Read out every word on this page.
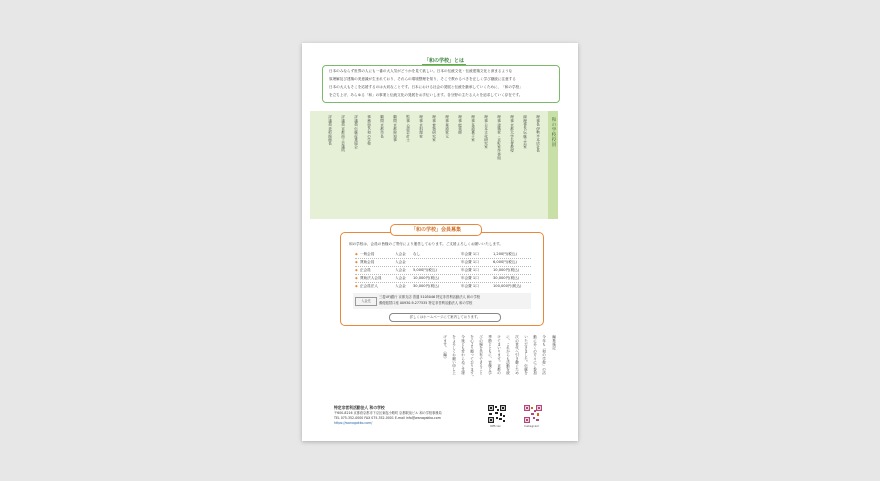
「和の学校」とは
日本のみならず世界の人にも一番の大人気がどうかを見て欲しい。日本の伝統文化・伝統建築文化と深まるような
原理解及び建築の美意識が生まれており、それらの環境整理を知り、そこで教わるべきを正しく学び継続に注意する
日本の大人もそこを応援するのは大切なことです。日本における社会の発展と伝統を継承していくために、「和の学校」
を立ち上げ、あらゆる「和」の事業と伝統文化の発展をお手伝いします。各分野の主たる人々を追求していく存在です。
和の学校役員
理事長 伊勢半本店社長
副理事長 伝統工芸家
理事 京都大学名誉教授
理事 建築家・京町家作事組
理事 日本文化研究家
理事 茶道裏千家
理事 能楽師
理事 華道家元
理事 着物研究家
理事 京料理家
監事 公認会計士
顧問 京都府知事
顧問 京都市長
事務局長 和の学校
評議員 伝統産業協会
評議員 京都商工会議所
評議員 美術館館長
和の学校は、会員の皆様のご寄付により運営しております。ご支援よろしくお願いいたします。
◆ 一般会員	入会金 なし	年会費 1口	1,200円(税込)
◆ 賛助会員	入会金	年会費 1口	6,000円(税込)
◆ 正会員	入会金 5,000円(税込)	年会費 1口	10,000円(税込)
◆ 賛助法人会員	入会金 10,000円(税込)	年会費 1口	30,000円(税込)
◆ 正会員法人	入会金 30,000円(税込)	年会費 1口	100,000円(税込)
入金先
三菱UFJ銀行 京都支店 普通 5105046 特定非営利活動法人 和の学校
郵便振替口座 00930-9-277535 特定非営利活動法人 和の学校
詳しくはホームページにて案内しております。
「和の学校」会員募集
編集後記
今年も「和の学校」の活
動に多くの方々にご参加
いただきました。伝統を
次の世代へ引き継ぐため
に、これからも活動を続
けてまいります。京都の
季節とともに、皆様と学
びの場を共有できること
を心より願っております。
今後とも変わらぬご支援
をよろしくお願い申し上
げます。（編）
特定非営利活動法人 和の学校
〒600-8216 京都府京都市下京区東塩小路町 京都駅前ビル 和の学校事務局
TEL 075-352-0000 FAX 075-352-0001 E-mail info@wanogakko.com
https://wanogakko.com/
Official	Instagram
